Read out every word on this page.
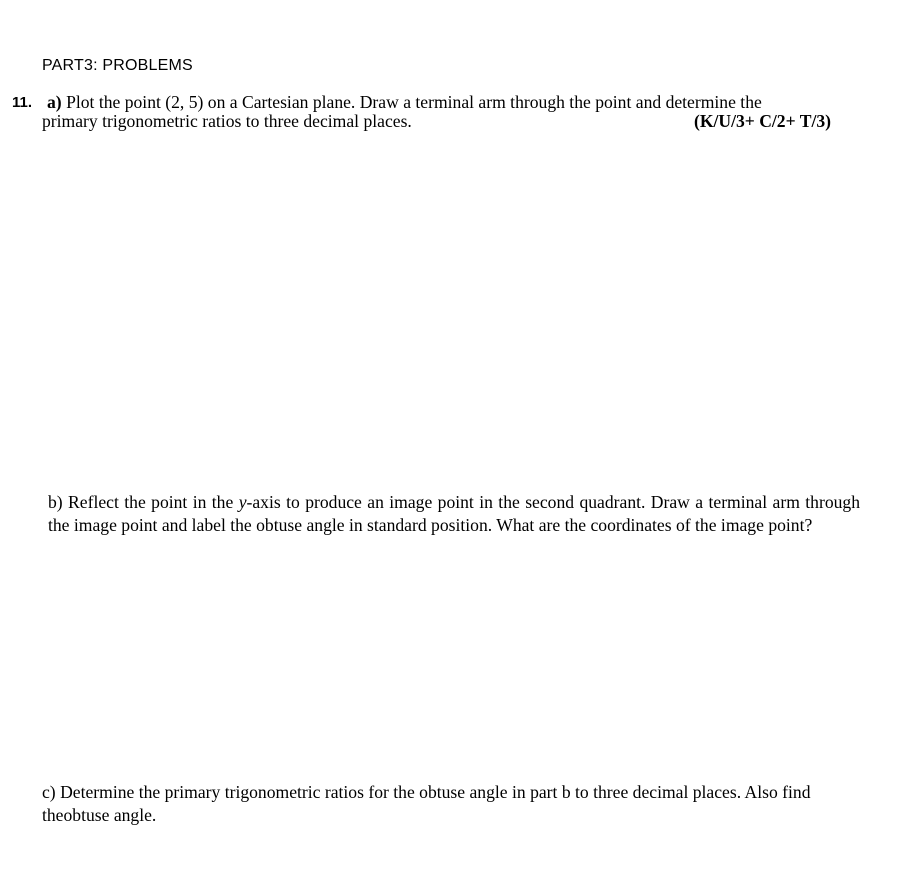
PART3: PROBLEMS
11. a) Plot the point (2, 5) on a Cartesian plane. Draw a terminal arm through the point and determine the
primary trigonometric ratios to three decimal places.	(K/U/3+ C/2+ T/3)
b) Reflect the point in the y-axis to produce an image point in the second quadrant. Draw a terminal arm through the image point and label the obtuse angle in standard position. What are the coordinates of the image point?
c) Determine the primary trigonometric ratios for the obtuse angle in part b to three decimal places. Also find theobtuse angle.
